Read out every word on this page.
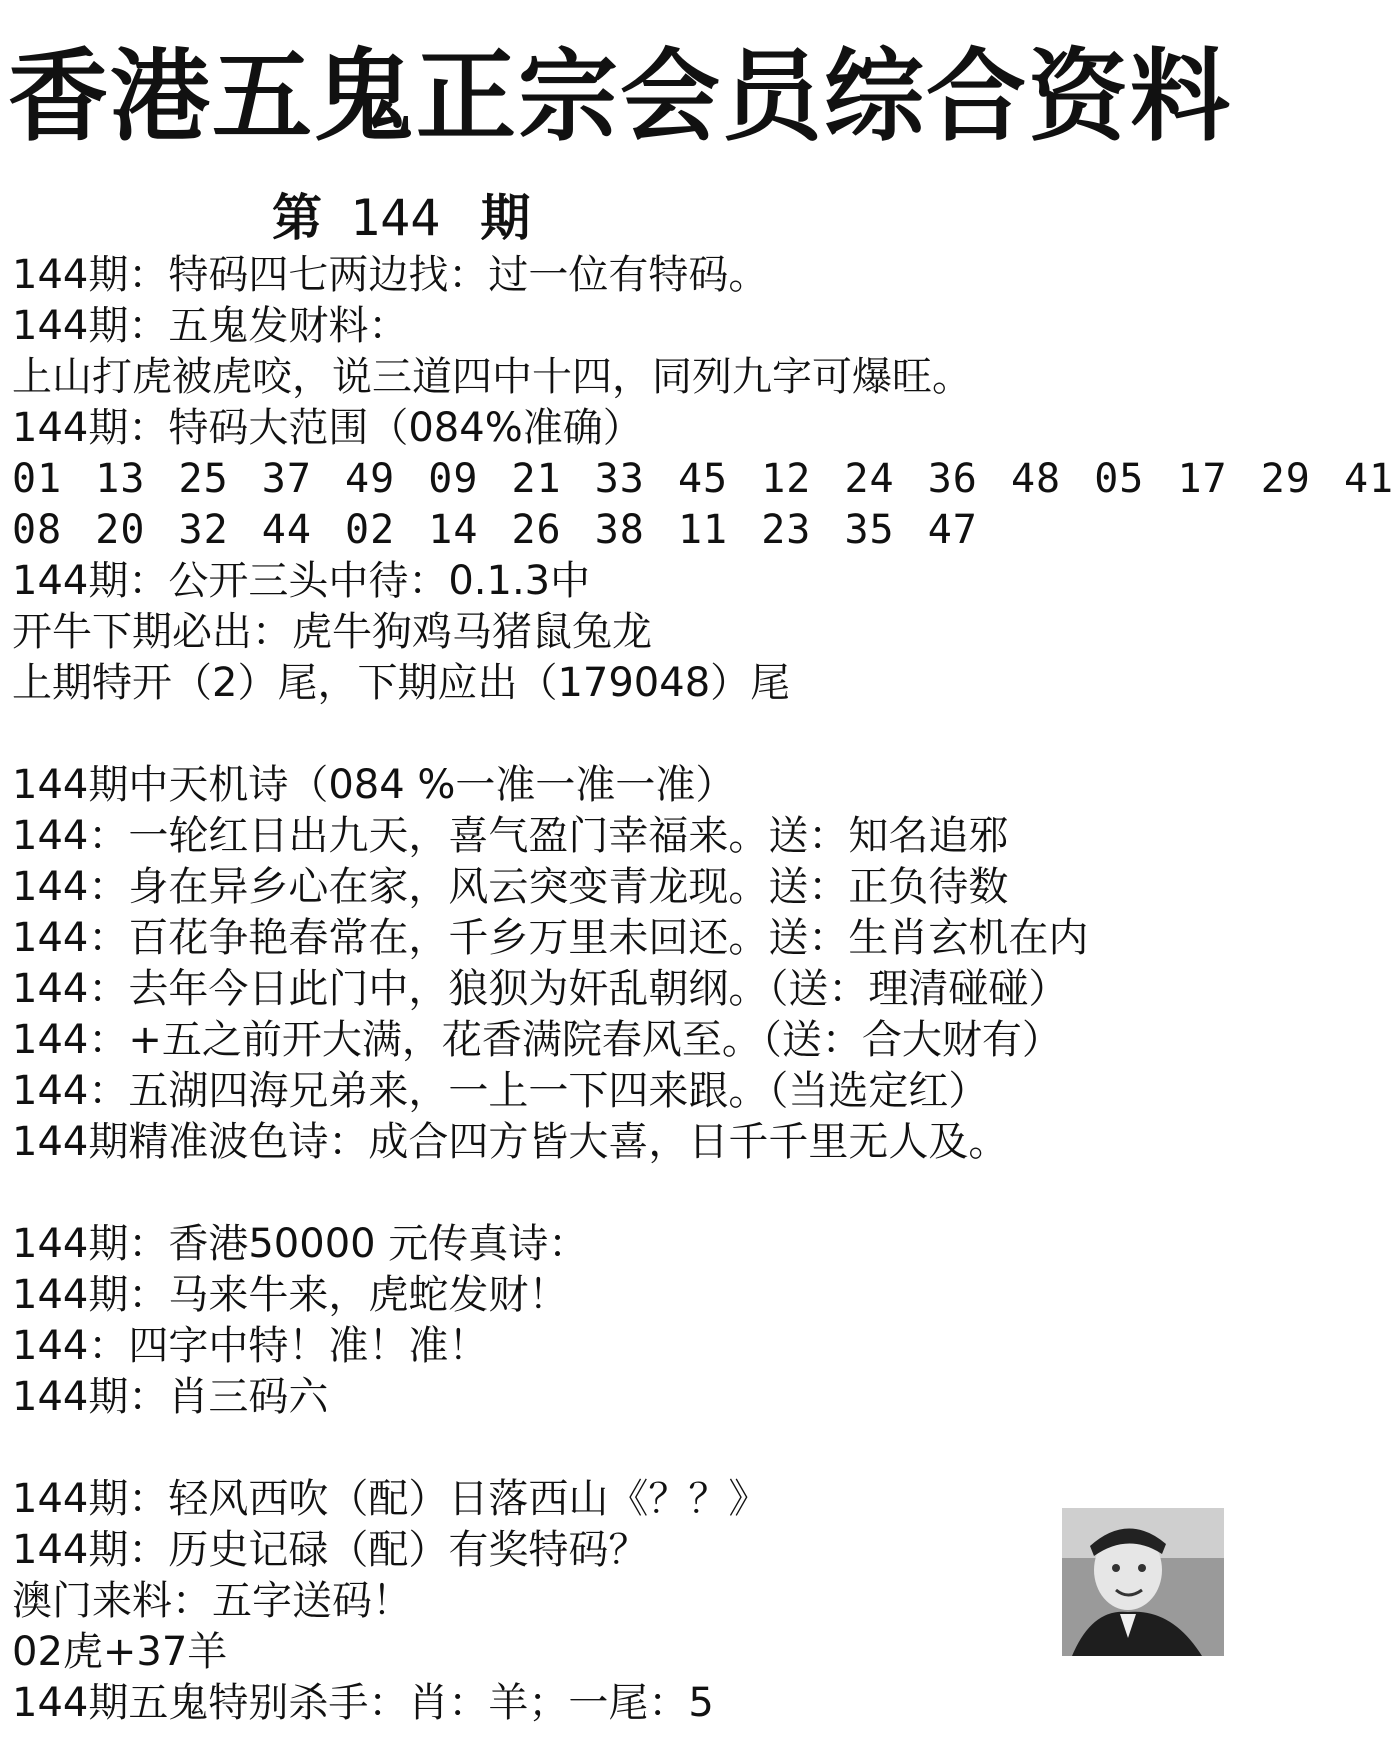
香港五鬼正宗会员综合资料
第 144 期
144期：特码四七两边找：过一位有特码。
144期：五鬼发财料：
上山打虎被虎咬，说三道四中十四，同列九字可爆旺。
144期：特码大范围（084%准确）
01 13 25 37 49 09 21 33 45 12 24 36 48 05 17 29 41
08 20 32 44 02 14 26 38 11 23 35 47
144期：公开三头中待：0.1.3中
开牛下期必出：虎牛狗鸡马猪鼠兔龙
上期特开（2）尾，下期应出（179048）尾
144期中天机诗（084 %一准一准一准）
144：一轮红日出九天，喜气盈门幸福来。送：知名追邪
144：身在异乡心在家，风云突变青龙现。送：正负待数
144：百花争艳春常在，千乡万里未回还。送：生肖玄机在内
144：去年今日此门中，狼狈为奸乱朝纲。（送：理清碰碰）
144：+五之前开大满，花香满院春风至。（送：合大财有）
144：五湖四海兄弟来，一上一下四来跟。（当选定红）
144期精准波色诗：成合四方皆大喜，日千千里无人及。
144期：香港50000 元传真诗：
144期：马来牛来，虎蛇发财！
144：四字中特！准！准！
144期：肖三码六
144期：轻风西吹（配）日落西山《？？》
144期：历史记碌（配）有奖特码？
澳门来料：五字送码！
02虎+37羊
144期五鬼特别杀手：肖：羊；一尾：5
